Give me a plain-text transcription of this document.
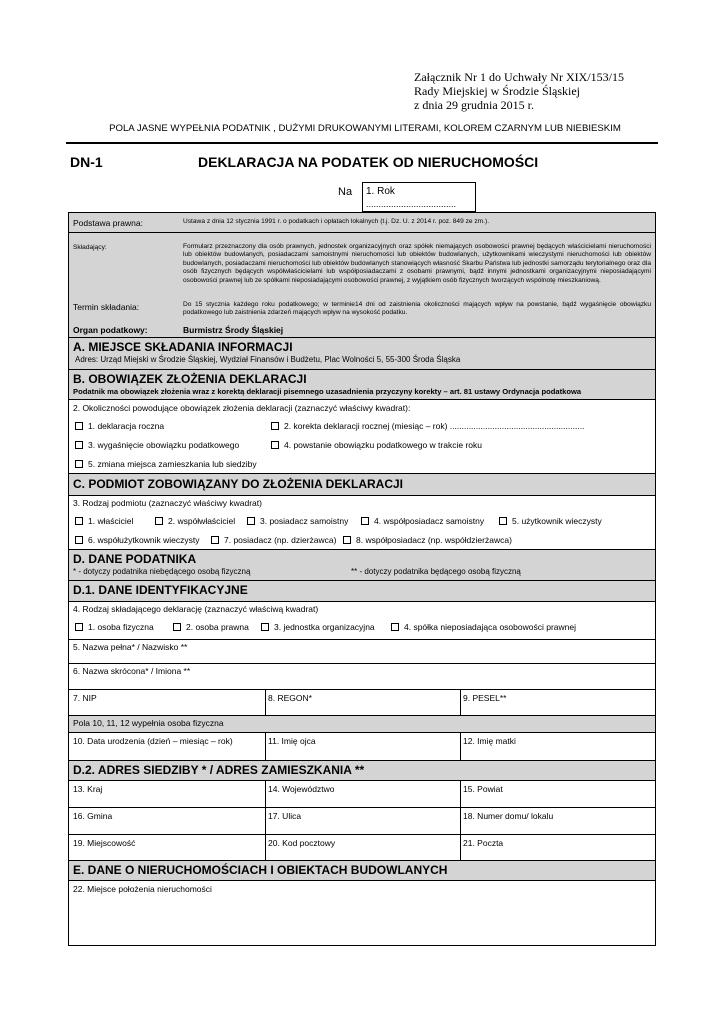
Załącznik Nr 1 do Uchwały Nr XIX/153/15
Rady Miejskiej w Środzie Śląskiej
z dnia 29 grudnia 2015 r.
POLA JASNE WYPEŁNIA PODATNIK , DUŻYMI DRUKOWANYMI LITERAMI, KOLOREM CZARNYM LUB NIEBIESKIM
DN-1	DEKLARACJA NA PODATEK OD NIERUCHOMOŚCI
Na 1. Rok
....................................
Podstawa prawna:	Ustawa z dnia 12 stycznia 1991 r. o podatkach i opłatach lokalnych (t.j. Dz. U. z 2014 r. poz. 849 ze zm.).
Składający:	Formularz przeznaczony dla osób prawnych, jednostek organizacyjnych oraz spółek niemających osobowości prawnej będących właścicielami nieruchomości lub obiektów budowlanych, posiadaczami samoistnymi nieruchomości lub obiektów budowlanych, użytkownikami wieczystymi nieruchomości lub obiektów budowlanych, posiadaczami nieruchomości lub obiektów budowlanych stanowiących własność Skarbu Państwa lub jednostki samorządu terytorialnego oraz dla osób fizycznych będących współwłaścicielami lub współposiadaczami z osobami prawnymi, bądź innymi jednostkami organizacyjnymi nieposiadającymi osobowości prawnej lub ze spółkami nieposiadającymi osobowości prawnej, z wyjątkiem osób fizycznych tworzących wspólnotę mieszkaniową.
Termin składania:	Do 15 stycznia każdego roku podatkowego; w terminie14 dni od zaistnienia okoliczności mających wpływ na powstanie, bądź wygaśnięcie obowiązku podatkowego lub zaistnienia zdarzeń mających wpływ na wysokość podatku.
Organ podatkowy:	Burmistrz Środy Śląskiej
A. MIEJSCE SKŁADANIA INFORMACJI
Adres: Urząd Miejski w Środzie Śląskiej, Wydział Finansów i Budżetu, Plac Wolności 5, 55-300 Środa Śląska
B. OBOWIĄZEK ZŁOŻENIA DEKLARACJI
Podatnik ma obowiązek złożenia wraz z korektą deklaracji pisemnego uzasadnienia przyczyny korekty – art. 81 ustawy Ordynacja podatkowa
2. Okoliczności powodujące obowiązek złożenia deklaracji (zaznaczyć właściwy kwadrat):
1. deklaracja roczna	2. korekta deklaracji rocznej (miesiąc – rok) .........................................................
3. wygaśnięcie obowiązku podatkowego	4. powstanie obowiązku podatkowego w trakcie roku
5. zmiana miejsca zamieszkania lub siedziby
C. PODMIOT ZOBOWIĄZANY DO ZŁOŻENIA DEKLARACJI
3. Rodzaj podmiotu (zaznaczyć właściwy kwadrat)
1. właściciel	2. współwłaściciel	3. posiadacz samoistny	4. współposiadacz samoistny	5. użytkownik wieczysty
6. współużytkownik wieczysty	7. posiadacz (np. dzierżawca)	8. współposiadacz (np. współdzierżawca)
D. DANE PODATNIKA
* - dotyczy podatnika niebędącego osobą fizyczną	** - dotyczy podatnika będącego osobą fizyczną
D.1. DANE IDENTYFIKACYJNE
4. Rodzaj składającego deklarację (zaznaczyć właściwą kwadrat)
1. osoba fizyczna	2. osoba prawna	3. jednostka organizacyjna	4. spółka nieposiadająca osobowości prawnej
5. Nazwa pełna* / Nazwisko **
6. Nazwa skrócona* / Imiona **
7. NIP	8. REGON*	9. PESEL**
Pola 10, 11, 12 wypełnia osoba fizyczna
10. Data urodzenia (dzień – miesiąc – rok)	11. Imię ojca	12. Imię matki
D.2. ADRES SIEDZIBY * / ADRES ZAMIESZKANIA **
13. Kraj	14. Województwo	15. Powiat
16. Gmina	17. Ulica	18. Numer domu/ lokalu
19. Miejscowość	20. Kod pocztowy	21. Poczta
E. DANE O NIERUCHOMOŚCIACH I OBIEKTACH BUDOWLANYCH
22. Miejsce położenia nieruchomości
